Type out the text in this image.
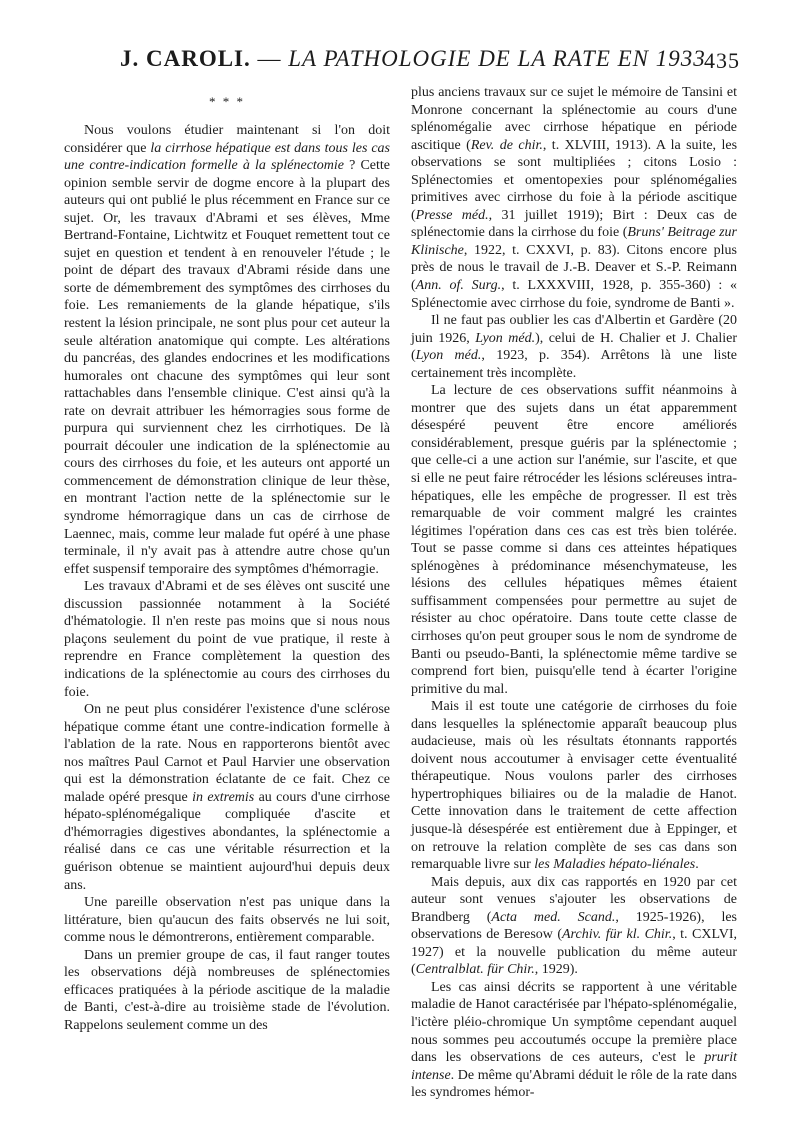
J. CAROLI. — LA PATHOLOGIE DE LA RATE EN 1933
435
* * *

Nous voulons étudier maintenant si l'on doit considérer que la cirrhose hépatique est dans tous les cas une contre-indication formelle à la splénectomie ? Cette opinion semble servir de dogme encore à la plupart des auteurs qui ont publié le plus récemment en France sur ce sujet. Or, les travaux d'Abrami et ses élèves, Mme Bertrand-Fontaine, Lichtwitz et Fouquet remettent tout ce sujet en question et tendent à en renouveler l'étude ; le point de départ des travaux d'Abrami réside dans une sorte de démembrement des symptômes des cirrhoses du foie. Les remaniements de la glande hépatique, s'ils restent la lésion principale, ne sont plus pour cet auteur la seule altération anatomique qui compte. Les altérations du pancréas, des glandes endocrines et les modifications humorales ont chacune des symptômes qui leur sont rattachables dans l'ensemble clinique. C'est ainsi qu'à la rate on devrait attribuer les hémorragies sous forme de purpura qui surviennent chez les cirrhotiques. De là pourrait découler une indication de la splénectomie au cours des cirrhoses du foie, et les auteurs ont apporté un commencement de démonstration clinique de leur thèse, en montrant l'action nette de la splénectomie sur le syndrome hémorragique dans un cas de cirrhose de Laennec, mais, comme leur malade fut opéré à une phase terminale, il n'y avait pas à attendre autre chose qu'un effet suspensif temporaire des symptômes d'hémorragie.

Les travaux d'Abrami et de ses élèves ont suscité une discussion passionnée notamment à la Société d'hématologie. Il n'en reste pas moins que si nous nous plaçons seulement du point de vue pratique, il reste à reprendre en France complètement la question des indications de la splénectomie au cours des cirrhoses du foie.

On ne peut plus considérer l'existence d'une sclérose hépatique comme étant une contre-indication formelle à l'ablation de la rate. Nous en rapporterons bientôt avec nos maîtres Paul Carnot et Paul Harvier une observation qui est la démonstration éclatante de ce fait. Chez ce malade opéré presque in extremis au cours d'une cirrhose hépato-splénomégalique compliquée d'ascite et d'hémorragies digestives abondantes, la splénectomie a réalisé dans ce cas une véritable résurrection et la guérison obtenue se maintient aujourd'hui depuis deux ans.

Une pareille observation n'est pas unique dans la littérature, bien qu'aucun des faits observés ne lui soit, comme nous le démontrerons, entièrement comparable.

Dans un premier groupe de cas, il faut ranger toutes les observations déjà nombreuses de splénectomies efficaces pratiquées à la période ascitique de la maladie de Banti, c'est-à-dire au troisième stade de l'évolution. Rappelons seulement comme un des

plus anciens travaux sur ce sujet le mémoire de Tansini et Monrone concernant la splénectomie au cours d'une splénomégalie avec cirrhose hépatique en période ascitique (Rev. de chir., t. XLVIII, 1913). A la suite, les observations se sont multipliées ; citons Losio : Splénectomies et omentopexies pour splénomégalies primitives avec cirrhose du foie à la période ascitique (Presse méd., 31 juillet 1919); Birt : Deux cas de splénectomie dans la cirrhose du foie (Bruns' Beitrage zur Klinische, 1922, t. CXXVI, p. 83). Citons encore plus près de nous le travail de J.-B. Deaver et S.-P. Reimann (Ann. of. Surg., t. LXXXVIII, 1928, p. 355-360) : « Splénectomie avec cirrhose du foie, syndrome de Banti ».

Il ne faut pas oublier les cas d'Albertin et Gardère (20 juin 1926, Lyon méd.), celui de H. Chalier et J. Chalier (Lyon méd., 1923, p. 354). Arrêtons là une liste certainement très incomplète.

La lecture de ces observations suffit néanmoins à montrer que des sujets dans un état apparemment désespéré peuvent être encore améliorés considérablement, presque guéris par la splénectomie ; que celle-ci a une action sur l'anémie, sur l'ascite, et que si elle ne peut faire rétrocéder les lésions scléreuses intra-hépatiques, elle les empêche de progresser. Il est très remarquable de voir comment malgré les craintes légitimes l'opération dans ces cas est très bien tolérée. Tout se passe comme si dans ces atteintes hépatiques splénogènes à prédominance mésenchymateuse, les lésions des cellules hépatiques mêmes étaient suffisamment compensées pour permettre au sujet de résister au choc opératoire. Dans toute cette classe de cirrhoses qu'on peut grouper sous le nom de syndrome de Banti ou pseudo-Banti, la splénectomie même tardive se comprend fort bien, puisqu'elle tend à écarter l'origine primitive du mal.

Mais il est toute une catégorie de cirrhoses du foie dans lesquelles la splénectomie apparaît beaucoup plus audacieuse, mais où les résultats étonnants rapportés doivent nous accoutumer à envisager cette éventualité thérapeutique. Nous voulons parler des cirrhoses hypertrophiques biliaires ou de la maladie de Hanot. Cette innovation dans le traitement de cette affection jusque-là désespérée est entièrement due à Eppinger, et on retrouve la relation complète de ses cas dans son remarquable livre sur les Maladies hépato-liénales.

Mais depuis, aux dix cas rapportés en 1920 par cet auteur sont venues s'ajouter les observations de Brandberg (Acta med. Scand., 1925-1926), les observations de Beresow (Archiv. für kl. Chir., t. CXLVI, 1927) et la nouvelle publication du même auteur (Centralblat. für Chir., 1929).

Les cas ainsi décrits se rapportent à une véritable maladie de Hanot caractérisée par l'hépato-splénomégalie, l'ictère pléio-chromique Un symptôme cependant auquel nous sommes peu accoutumés occupe la première place dans les observations de ces auteurs, c'est le prurit intense. De même qu'Abrami déduit le rôle de la rate dans les syndromes hémor-
